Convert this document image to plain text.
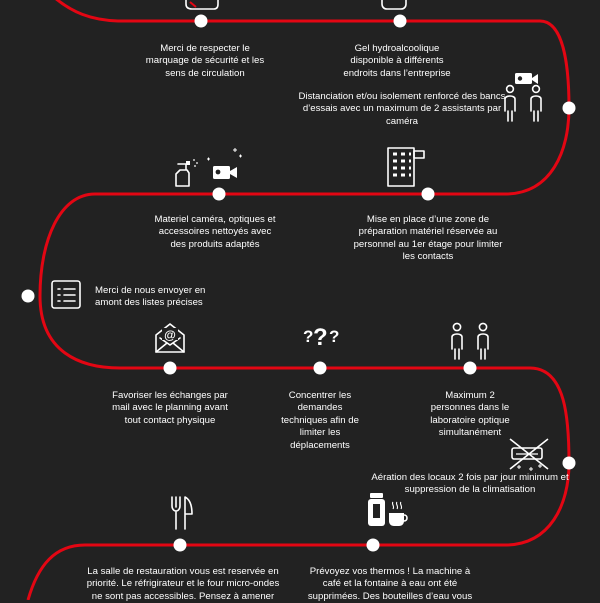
@	? ? ?

Merci de respecter le
marquage de sécurité et les
sens de circulation

Gel hydroalcoolique
disponible à différents
endroits dans l’entreprise

Distanciation et/ou isolement renforcé des bancs
d’essais avec un maximum de 2 assistants par
caméra

Materiel caméra, optiques et
accessoires nettoyés avec
des produits adaptés

Mise en place d’une zone de
préparation matériel réservée au
personnel au 1er étage pour limiter
les contacts

Merci de nous envoyer en
amont des listes précises

Favoriser les échanges par
mail avec le planning avant
tout contact physique

Concentrer les
demandes
techniques afin de
limiter les
déplacements

Maximum 2
personnes dans le
laboratoire optique
simultanément

Aération des locaux 2 fois par jour minimum et
suppression de la climatisation

La salle de restauration vous est reservée en
priorité. Le réfrigirateur et le four micro-ondes
ne sont pas accessibles. Pensez à amener

Prévoyez vos thermos ! La machine à
café et la fontaine à eau ont été
supprimées. Des bouteilles d’eau vous
